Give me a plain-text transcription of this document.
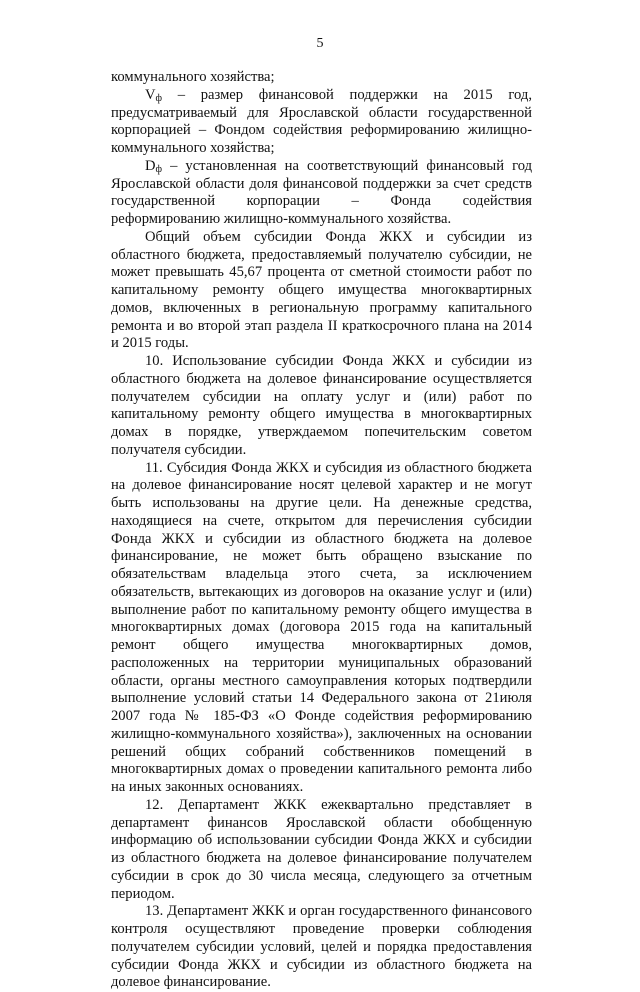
5

коммунального хозяйства;

$V_ф$ – размер финансовой поддержки на 2015 год, предусматриваемый для Ярославской области государственной корпорацией – Фондом содействия реформированию жилищно-коммунального хозяйства;

$D_ф$ – установленная на соответствующий финансовый год Ярославской области доля финансовой поддержки за счет средств государственной корпорации – Фонда содействия реформированию жилищно-коммунального хозяйства.

Общий объем субсидии Фонда ЖКХ и субсидии из областного бюджета, предоставляемый получателю субсидии, не может превышать 45,67 процента от сметной стоимости работ по капитальному ремонту общего имущества многоквартирных домов, включенных в региональную программу капитального ремонта и во второй этап раздела II краткосрочного плана на 2014 и 2015 годы.

10. Использование субсидии Фонда ЖКХ и субсидии из областного бюджета на долевое финансирование осуществляется получателем субсидии на оплату услуг и (или) работ по капитальному ремонту общего имущества в многоквартирных домах в порядке, утверждаемом попечительским советом получателя субсидии.

11. Субсидия Фонда ЖКХ и субсидия из областного бюджета на долевое финансирование носят целевой характер и не могут быть использованы на другие цели. На денежные средства, находящиеся на счете, открытом для перечисления субсидии Фонда ЖКХ и субсидии из областного бюджета на долевое финансирование, не может быть обращено взыскание по обязательствам владельца этого счета, за исключением обязательств, вытекающих из договоров на оказание услуг и (или) выполнение работ по капитальному ремонту общего имущества в многоквартирных домах (договора 2015 года на капитальный ремонт общего имущества многоквартирных домов, расположенных на территории муниципальных образований области, органы местного самоуправления которых подтвердили выполнение условий статьи 14 Федерального закона от 21июля 2007 года № 185-ФЗ «О Фонде содействия реформированию жилищно-коммунального хозяйства»), заключенных на основании решений общих собраний собственников помещений в многоквартирных домах о проведении капитального ремонта либо на иных законных основаниях.

12. Департамент ЖКК ежеквартально представляет в департамент финансов Ярославской области обобщенную информацию об использовании субсидии Фонда ЖКХ и субсидии из областного бюджета на долевое финансирование получателем субсидии в срок до 30 числа месяца, следующего за отчетным периодом.

13. Департамент ЖКК и орган государственного финансового контроля осуществляют проведение проверки соблюдения получателем субсидии условий, целей и порядка предоставления субсидии Фонда ЖКХ и субсидии из областного бюджета на долевое финансирование.
